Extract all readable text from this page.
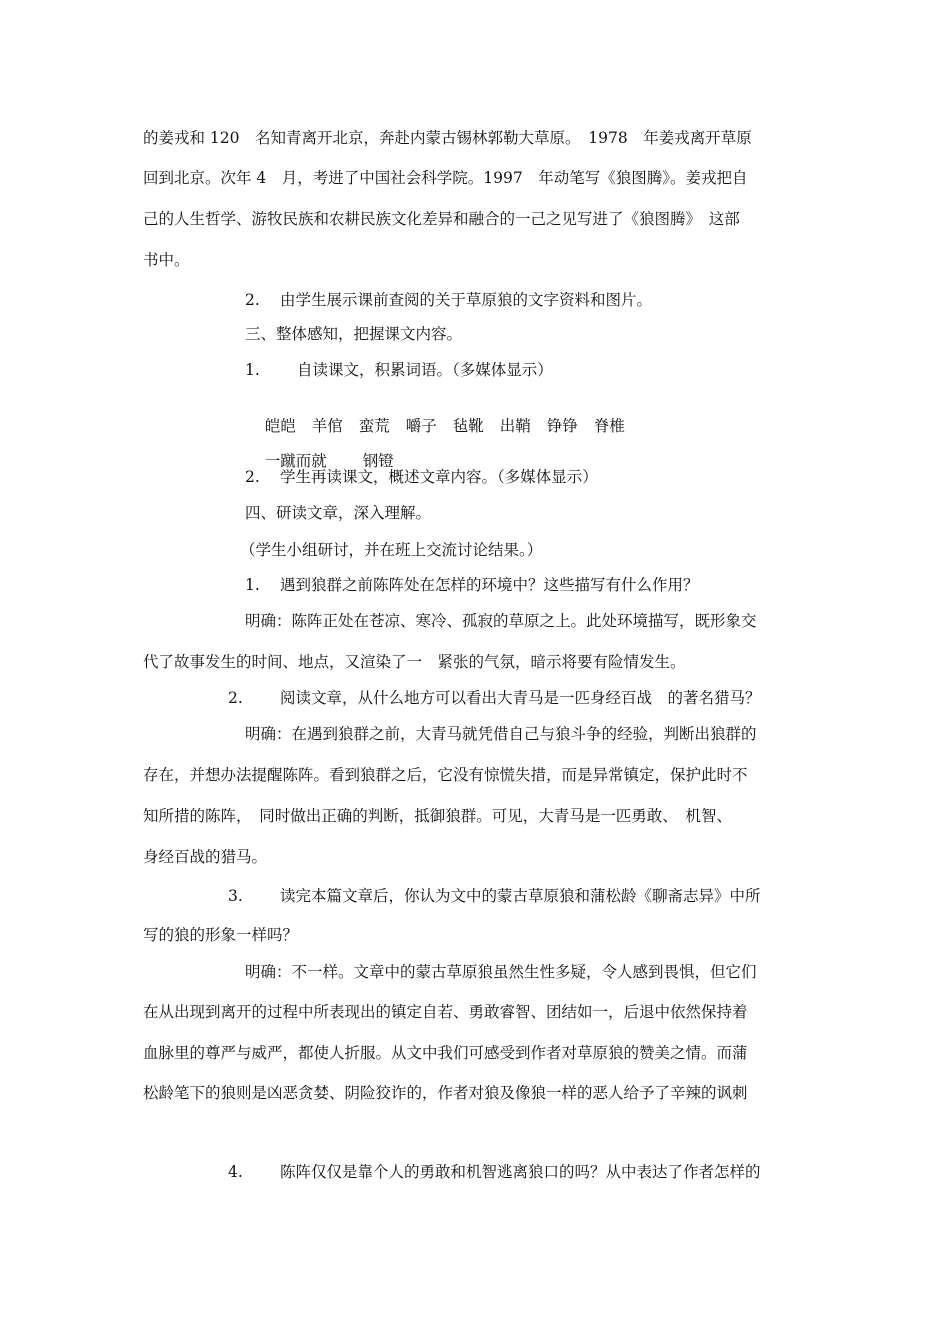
的姜戎和 120　名知青离开北京，奔赴内蒙古锡林郭勒大草原。　1978　年姜戎离开草原
回到北京。次年 4　月，考进了中国社会科学院。1997　年动笔写《狼图腾》。姜戎把自
己的人生哲学、游牧民族和农耕民族文化差异和融合的一己之见写进了《狼图腾》　这部
书中。
2. 由学生展示课前查阅的关于草原狼的文字资料和图片。
三、整体感知，把握课文内容。
1. 自读课文，积累词语。（多媒体显示）

皑皑 羊倌 蛮荒 嚼子 毡靴 出鞘 铮铮 脊椎

一蹴而就 钢镫

2. 学生再读课文，概述文章内容。（多媒体显示）
四、研读文章，深入理解。
（学生小组研讨，并在班上交流讨论结果。）
1. 遇到狼群之前陈阵处在怎样的环境中？这些描写有什么作用？
明确：陈阵正处在苍凉、寒冷、孤寂的草原之上。此处环境描写，既形象交
代了故事发生的时间、地点，又渲染了一　紧张的气氛，暗示将要有险情发生。
2. 阅读文章，从什么地方可以看出大青马是一匹身经百战　的著名猎马？
明确：在遇到狼群之前，大青马就凭借自己与狼斗争的经验，判断出狼群的
存在，并想办法提醒陈阵。看到狼群之后，它没有惊慌失措，而是异常镇定，保护此时不
知所措的陈阵，　同时做出正确的判断，抵御狼群。可见，大青马是一匹勇敢、　机智、
身经百战的猎马。
3. 读完本篇文章后，你认为文中的蒙古草原狼和蒲松龄《聊斋志异》中所
写的狼的形象一样吗？
明确：不一样。文章中的蒙古草原狼虽然生性多疑，令人感到畏惧，但它们
在从出现到离开的过程中所表现出的镇定自若、勇敢睿智、团结如一，后退中依然保持着
血脉里的尊严与威严，都使人折服。从文中我们可感受到作者对草原狼的赞美之情。而蒲
松龄笔下的狼则是凶恶贪婪、阴险狡诈的，作者对狼及像狼一样的恶人给予了辛辣的讽刺
4. 陈阵仅仅是靠个人的勇敢和机智逃离狼口的吗？从中表达了作者怎样的
